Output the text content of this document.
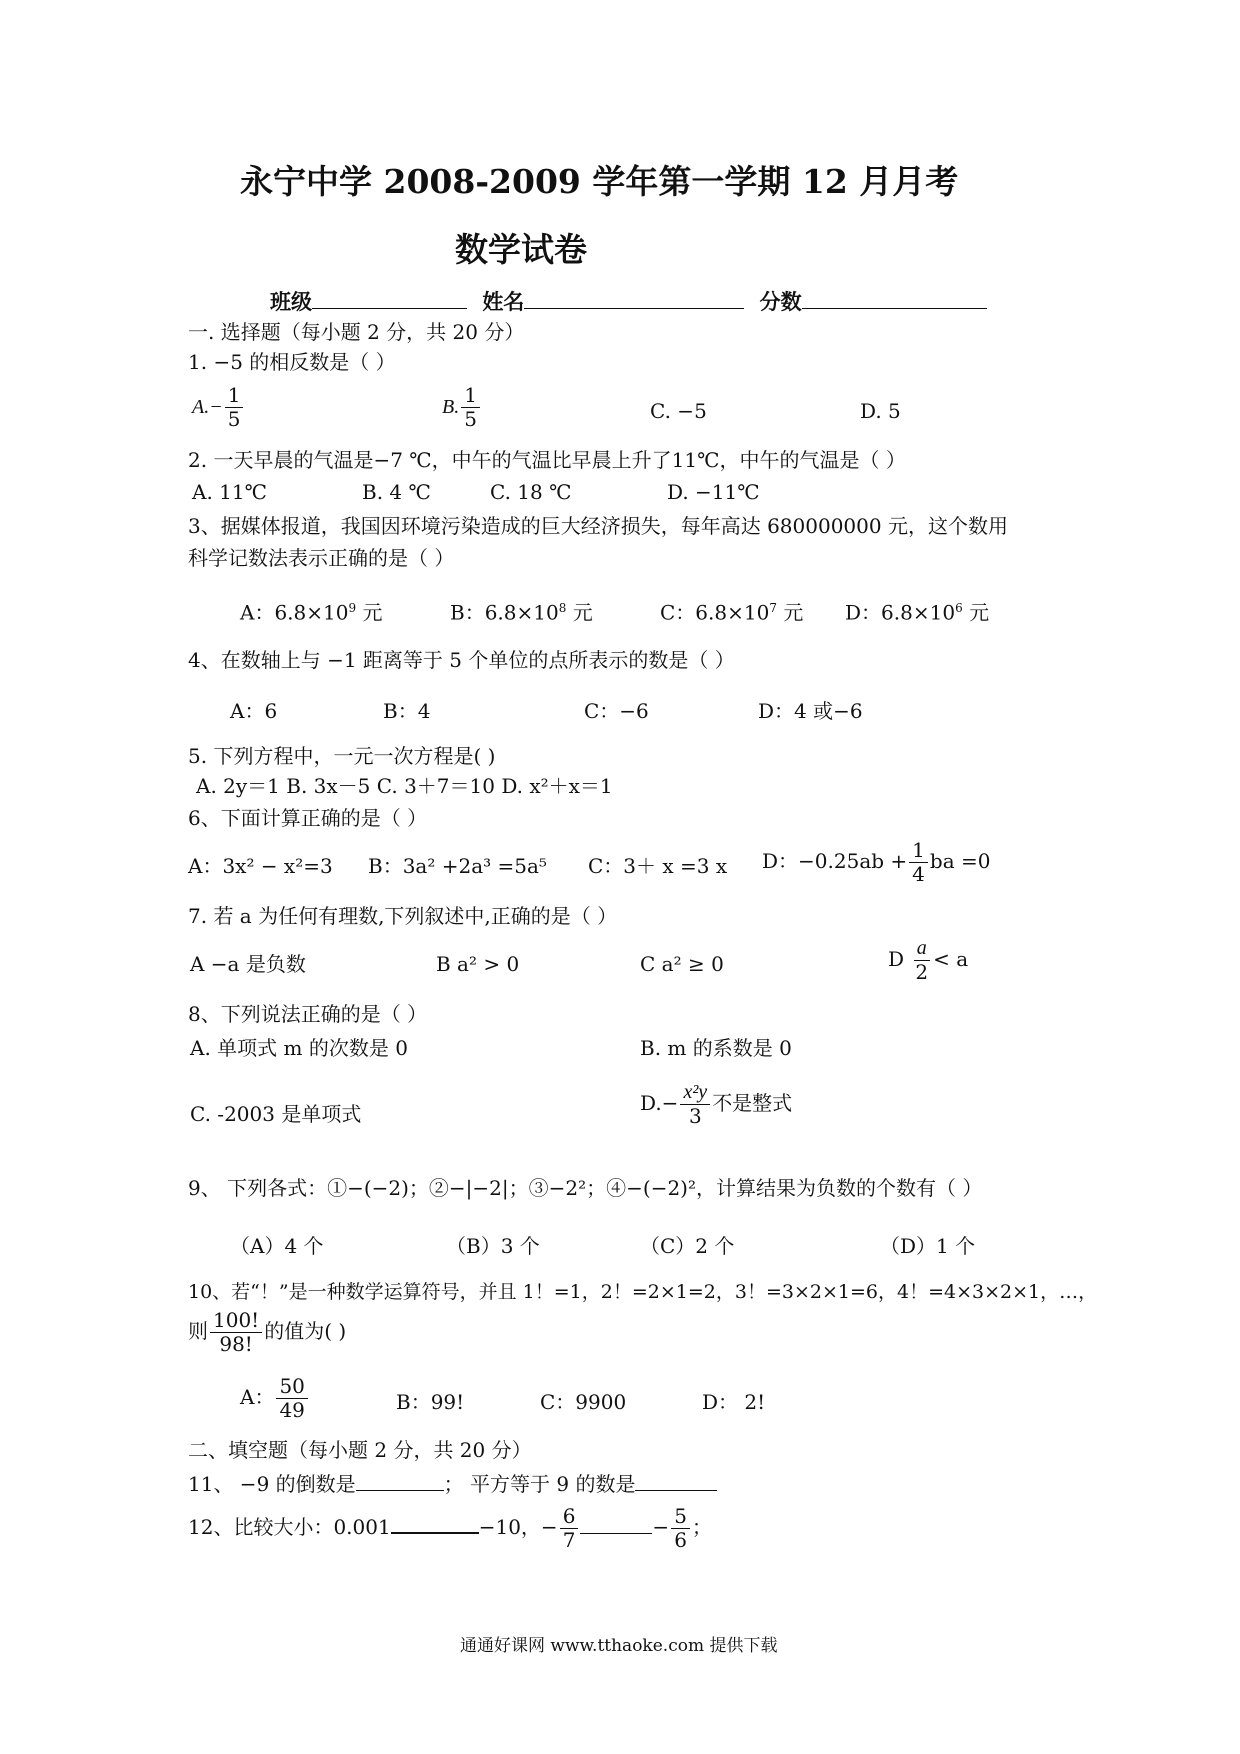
永宁中学 2008-2009 学年第一学期 12 月月考
数学试卷
班级	姓名	分数
一. 选择题（每小题 2 分，共 20 分）
1. −5 的相反数是（ ）
$A.- \frac{1}{5}$	B. $\frac{1}{5}$	C. −5	D. 5
2. 一天早晨的气温是−7 ℃，中午的气温比早晨上升了11℃，中午的气温是（ ）
A. 11℃	B. 4 ℃	C. 18 ℃	D. −11℃
3、据媒体报道，我国因环境污染造成的巨大经济损失，每年高达 680000000 元，这个数用
科学记数法表示正确的是（ ）
A：$6.8\times 10^9$ 元	B：$6.8\times 10^8$ 元	C：$6.8\times 10^7$ 元 D：$6.8\times 10^6$ 元
4、在数轴上与 −1 距离等于 5 个单位的点所表示的数是（ ）
A：6	B：4	C：−6	D：4 或−6
5. 下列方程中，一元一次方程是( )
A. 2y＝1 B. 3x－5 C. 3＋7＝10 D. x²＋x＝1
6、下面计算正确的是（ ）
A：3x² − x²=3 B：3a² +2a³ =5a⁵ C：3＋ x =3 x D：$-0.25ab + \frac{1}{4}$ ba =0
7. 若 a 为任何有理数,下列叙述中,正确的是（ ）
A −a 是负数	B a² > 0	C a² ≥ 0	D $\frac{a}{2} < a$
8、下列说法正确的是（ ）
A. 单项式 m 的次数是 0	B. m 的系数是 0
C. -2003 是单项式	$D.- \frac{\text{x²y}}{3}$ 不是整式
9、 下列各式：①−(−2)；②−|−2|；③−2²；④−(−2)²，计算结果为负数的个数有（ ）
（A）4 个	（B）3 个	（C）2 个	（D）1 个
10、若“！”是一种数学运算符号，并且 1！=1，2！=2×1=2，3！=3×2×1=6，4！=4×3×2×1，…，
则 $\frac{100!}{98!}$ 的值为( )
A： $\frac{50}{49}$	B：99!	C：9900	D： 2!
二、填空题（每小题 2 分，共 20 分）
11、 −9 的倒数是	； 平方等于 9 的数是
12、比较大小：0.001	−10，− $\frac{6}{7}$	− $\frac{5}{6}$ ；
通通好课网 www.tthaoke.com 提供下载
